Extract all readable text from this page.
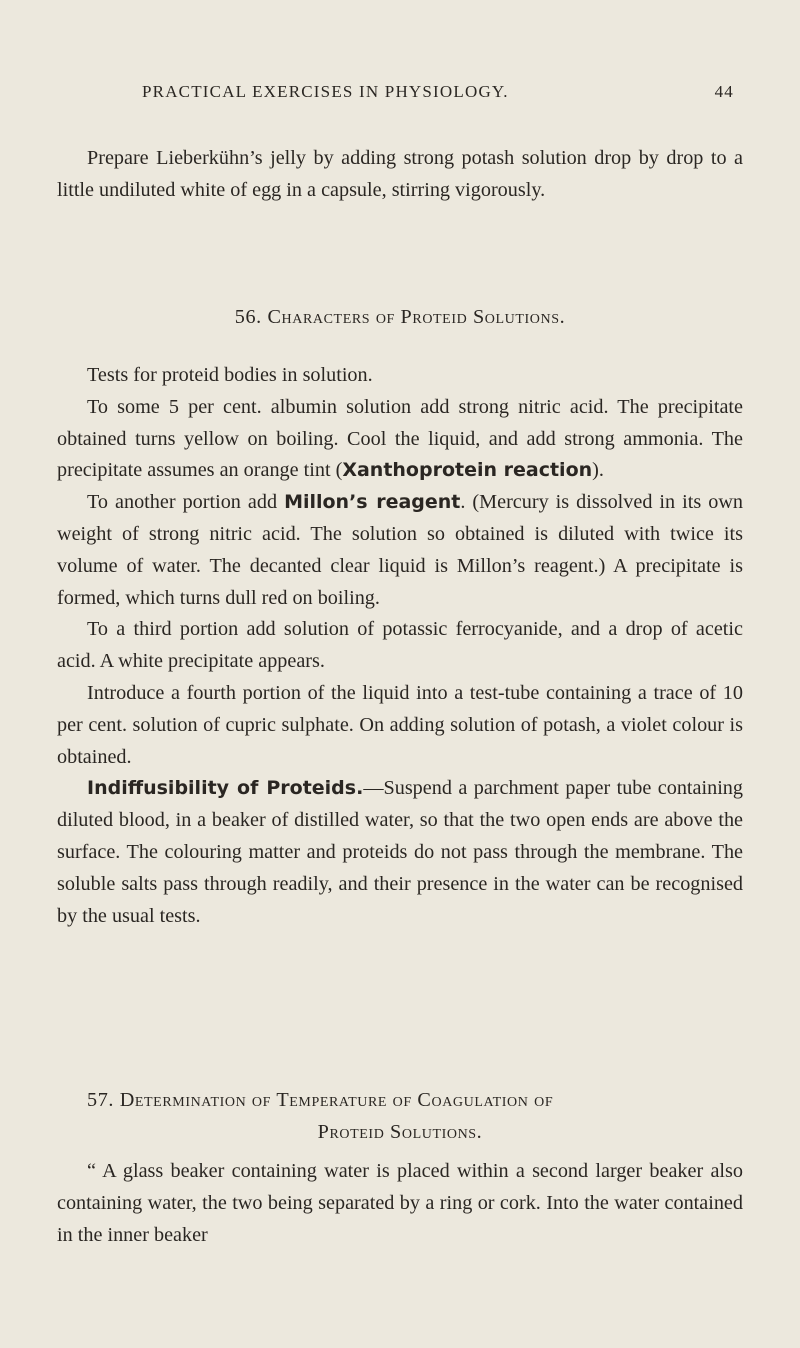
PRACTICAL EXERCISES IN PHYSIOLOGY.	44

Prepare Lieberkühn’s jelly by adding strong potash solution drop by drop to a little undiluted white of egg in a capsule, stirring vigorously.

56. Characters of Proteid Solutions.

Tests for proteid bodies in solution.

To some 5 per cent. albumin solution add strong nitric acid. The precipitate obtained turns yellow on boiling. Cool the liquid, and add strong ammonia. The precipitate assumes an orange tint (Xanthoprotein reaction).

To another portion add Millon’s reagent. (Mercury is dissolved in its own weight of strong nitric acid. The solution so obtained is diluted with twice its volume of water. The decanted clear liquid is Millon’s reagent.) A precipitate is formed, which turns dull red on boiling.

To a third portion add solution of potassic ferrocyanide, and a drop of acetic acid. A white precipitate appears.

Introduce a fourth portion of the liquid into a test-tube containing a trace of 10 per cent. solution of cupric sulphate. On adding solution of potash, a violet colour is obtained.

Indiffusibility of Proteids.—Suspend a parchment paper tube containing diluted blood, in a beaker of distilled water, so that the two open ends are above the surface. The colouring matter and proteids do not pass through the membrane. The soluble salts pass through readily, and their presence in the water can be recognised by the usual tests.

57. Determination of Temperature of Coagulation of

Proteid Solutions.

“ A glass beaker containing water is placed within a second larger beaker also containing water, the two being separated by a ring or cork. Into the water contained in the inner beaker
